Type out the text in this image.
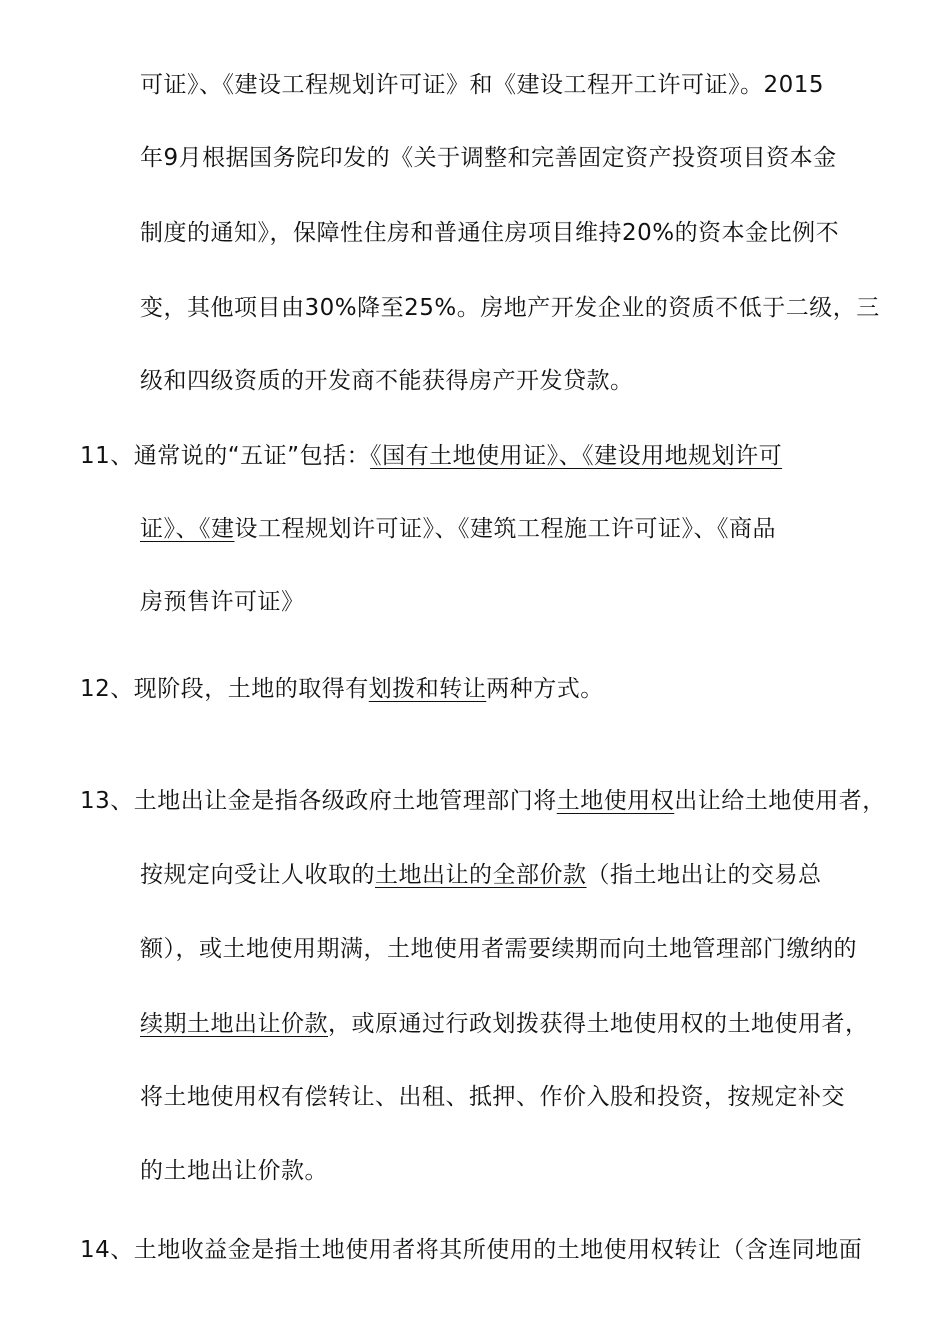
可证》、《建设工程规划许可证》和《建设工程开工许可证》。2015
年9月根据国务院印发的《关于调整和完善固定资产投资项目资本金
制度的通知》，保障性住房和普通住房项目维持20%的资本金比例不
变，其他项目由30%降至25%。房地产开发企业的资质不低于二级，三
级和四级资质的开发商不能获得房产开发贷款。
11、通常说的“五证”包括：《国有土地使用证》、《建设用地规划许可
证》、《建设工程规划许可证》、《建筑工程施工许可证》、《商品
房预售许可证》
12、现阶段，土地的取得有划拨和转让两种方式。
13、土地出让金是指各级政府土地管理部门将土地使用权出让给土地使用者，
按规定向受让人收取的土地出让的全部价款（指土地出让的交易总
额），或土地使用期满，土地使用者需要续期而向土地管理部门缴纳的
续期土地出让价款，或原通过行政划拨获得土地使用权的土地使用者，
将土地使用权有偿转让、出租、抵押、作价入股和投资，按规定补交
的土地出让价款。
14、土地收益金是指土地使用者将其所使用的土地使用权转让（含连同地面
